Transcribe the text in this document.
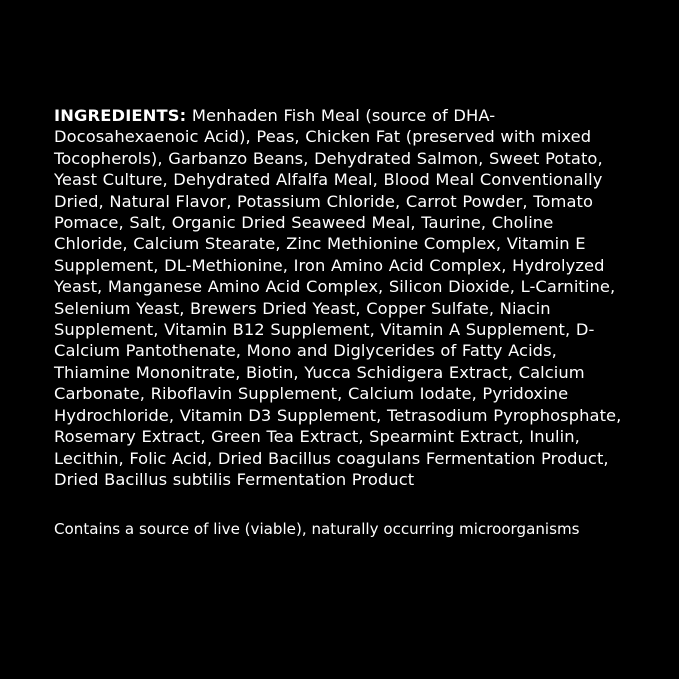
INGREDIENTS: Menhaden Fish Meal (source of DHA-Docosahexaenoic Acid), Peas, Chicken Fat (preserved with mixed Tocopherols), Garbanzo Beans, Dehydrated Salmon, Sweet Potato, Yeast Culture, Dehydrated Alfalfa Meal, Blood Meal Conventionally Dried, Natural Flavor, Potassium Chloride, Carrot Powder, Tomato Pomace, Salt, Organic Dried Seaweed Meal, Taurine, Choline Chloride, Calcium Stearate, Zinc Methionine Complex, Vitamin E Supplement, DL-Methionine, Iron Amino Acid Complex, Hydrolyzed Yeast, Manganese Amino Acid Complex, Silicon Dioxide, L-Carnitine, Selenium Yeast, Brewers Dried Yeast, Copper Sulfate, Niacin Supplement, Vitamin B12 Supplement, Vitamin A Supplement, D-Calcium Pantothenate, Mono and Diglycerides of Fatty Acids, Thiamine Mononitrate, Biotin, Yucca Schidigera Extract, Calcium Carbonate, Riboflavin Supplement, Calcium Iodate, Pyridoxine Hydrochloride, Vitamin D3 Supplement, Tetrasodium Pyrophosphate, Rosemary Extract, Green Tea Extract, Spearmint Extract, Inulin, Lecithin, Folic Acid, Dried Bacillus coagulans Fermentation Product, Dried Bacillus subtilis Fermentation Product

Contains a source of live (viable), naturally occurring microorganisms
